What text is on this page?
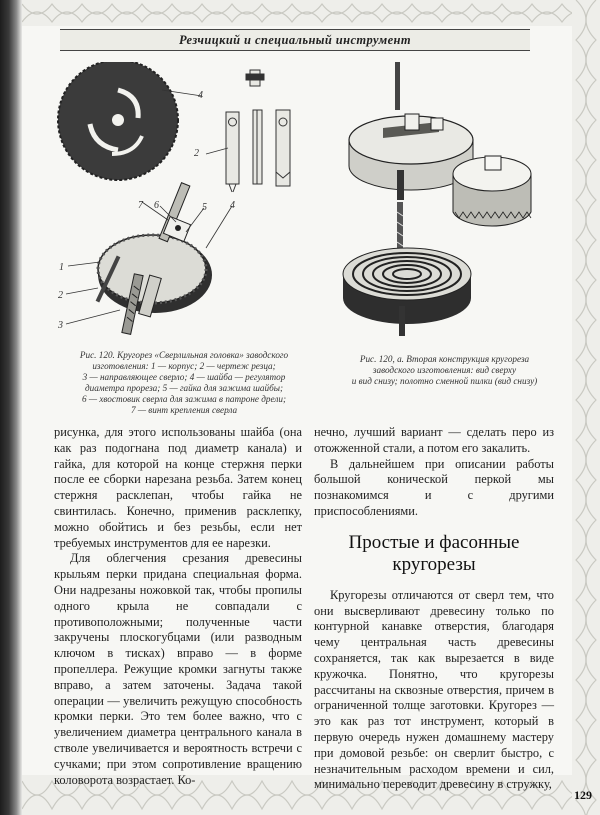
Резчицкий и специальный инструмент
4
2
7 6	5 4
1
2
3

Рис. 120. Кругорез «Сверлильная головка» заводского

изготовления: 1 — корпус; 2 — чертеж резца;

3 — направляющее сверло; 4 — шайба — регулятор

диаметра прореза; 5 — гайка для зажима шайбы;

6 — хвостовик сверла для зажима в патроне дрели;

7 — винт крепления сверла

Рис. 120, а. Вторая конструкция кругореза

заводского изготовления: вид сверху

и вид снизу; полотно сменной пилки (вид снизу)

рисунка, для этого использованы шайба (она как раз подогнана под диаметр канала) и гайка, для которой на конце стержня перки после ее сборки нарезана резьба. Затем конец стержня расклепан, чтобы гайка не свинтилась. Конечно, применив расклепку, можно обойтись и без резьбы, если нет требуемых инструментов для ее нарезки.

Для облегчения срезания древесины крыльям перки придана специальная форма. Они надрезаны ножовкой так, чтобы пропилы одного крыла не совпадали с противоположными; полученные части закручены плоскогубцами (или разводным ключом в тисках) вправо — в форме пропеллера. Режущие кромки загнуты также вправо, а затем заточены. Задача такой операции — увеличить режущую способность кромки перки. Это тем более важно, что с увеличением диаметра центрального канала в стволе увеличивается и вероятность встречи с сучками; при этом сопротивление вращению коловорота возрастает. Ко-

нечно, лучший вариант — сделать перо из отожженной стали, а потом его закалить.

В дальнейшем при описании работы большой конической перкой мы познакомимся и с другими приспособлениями.

Простые и фасонные
кругорезы

Кругорезы отличаются от сверл тем, что они высверливают древесину только по контурной канавке отверстия, благодаря чему центральная часть древесины сохраняется, так как вырезается в виде кружочка. Понятно, что кругорезы рассчитаны на сквозные отверстия, причем в ограниченной толще заготовки. Кругорез — это как раз тот инструмент, который в первую очередь нужен домашнему мастеру при домовой резьбе: он сверлит быстро, с незначительным расходом времени и сил, минимально переводит древесину в стружку,

129
